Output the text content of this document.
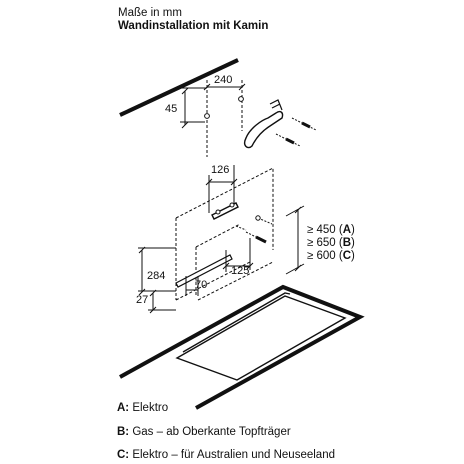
Maße in mm
Wandinstallation mit Kamin
240
45
126
284
70
125
27
≥ 450 (A)
≥ 650 (B)
≥ 600 (C)
A: Elektro
B: Gas – ab Oberkante Topfträger
C: Elektro – für Australien und Neuseeland
